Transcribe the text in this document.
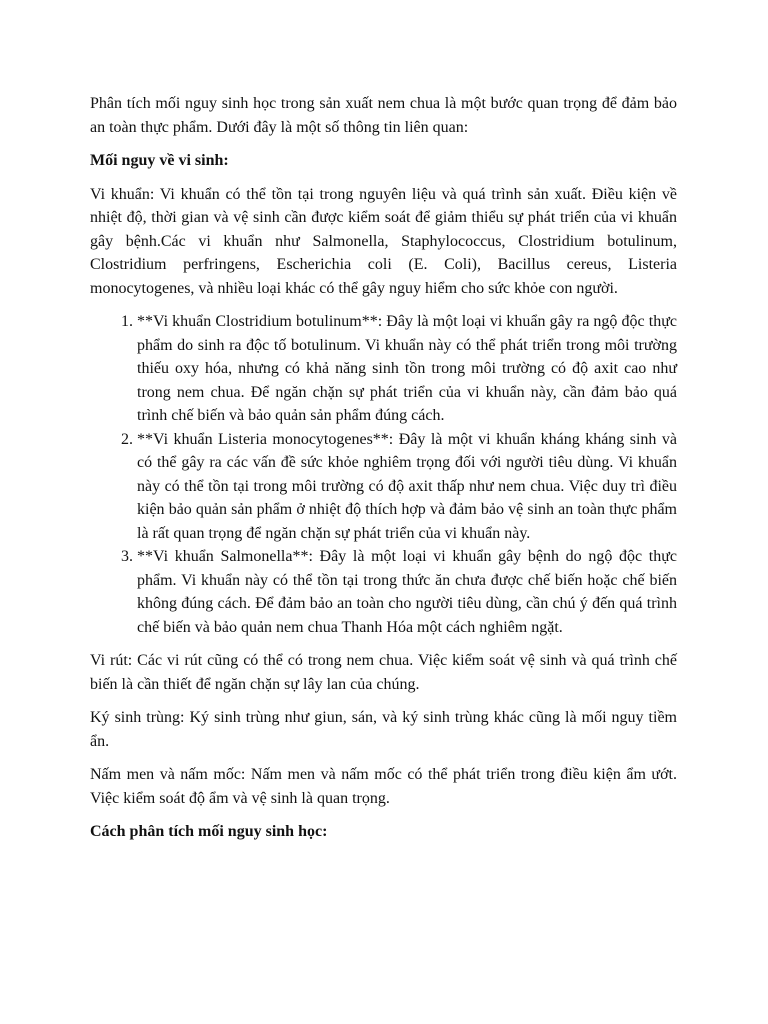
Phân tích mối nguy sinh học trong sản xuất nem chua là một bước quan trọng để đảm bảo an toàn thực phẩm. Dưới đây là một số thông tin liên quan:

Mối nguy về vi sinh:

Vi khuẩn: Vi khuẩn có thể tồn tại trong nguyên liệu và quá trình sản xuất. Điều kiện về nhiệt độ, thời gian và vệ sinh cần được kiểm soát để giảm thiểu sự phát triển của vi khuẩn gây bệnh.Các vi khuẩn như Salmonella, Staphylococcus, Clostridium botulinum, Clostridium perfringens, Escherichia coli (E. Coli), Bacillus cereus, Listeria monocytogenes, và nhiều loại khác có thể gây nguy hiểm cho sức khỏe con người.

1. **Vi khuẩn Clostridium botulinum**: Đây là một loại vi khuẩn gây ra ngộ độc thực phẩm do sinh ra độc tố botulinum. Vi khuẩn này có thể phát triển trong môi trường thiếu oxy hóa, nhưng có khả năng sinh tồn trong môi trường có độ axit cao như trong nem chua. Để ngăn chặn sự phát triển của vi khuẩn này, cần đảm bảo quá trình chế biến và bảo quản sản phẩm đúng cách.
2. **Vi khuẩn Listeria monocytogenes**: Đây là một vi khuẩn kháng kháng sinh và có thể gây ra các vấn đề sức khỏe nghiêm trọng đối với người tiêu dùng. Vi khuẩn này có thể tồn tại trong môi trường có độ axit thấp như nem chua. Việc duy trì điều kiện bảo quản sản phẩm ở nhiệt độ thích hợp và đảm bảo vệ sinh an toàn thực phẩm là rất quan trọng để ngăn chặn sự phát triển của vi khuẩn này.
3. **Vi khuẩn Salmonella**: Đây là một loại vi khuẩn gây bệnh do ngộ độc thực phẩm. Vi khuẩn này có thể tồn tại trong thức ăn chưa được chế biến hoặc chế biến không đúng cách. Để đảm bảo an toàn cho người tiêu dùng, cần chú ý đến quá trình chế biến và bảo quản nem chua Thanh Hóa một cách nghiêm ngặt.

Vi rút: Các vi rút cũng có thể có trong nem chua. Việc kiểm soát vệ sinh và quá trình chế biến là cần thiết để ngăn chặn sự lây lan của chúng.

Ký sinh trùng: Ký sinh trùng như giun, sán, và ký sinh trùng khác cũng là mối nguy tiềm ẩn.

Nấm men và nấm mốc: Nấm men và nấm mốc có thể phát triển trong điều kiện ẩm ướt. Việc kiểm soát độ ẩm và vệ sinh là quan trọng.

Cách phân tích mối nguy sinh học:
